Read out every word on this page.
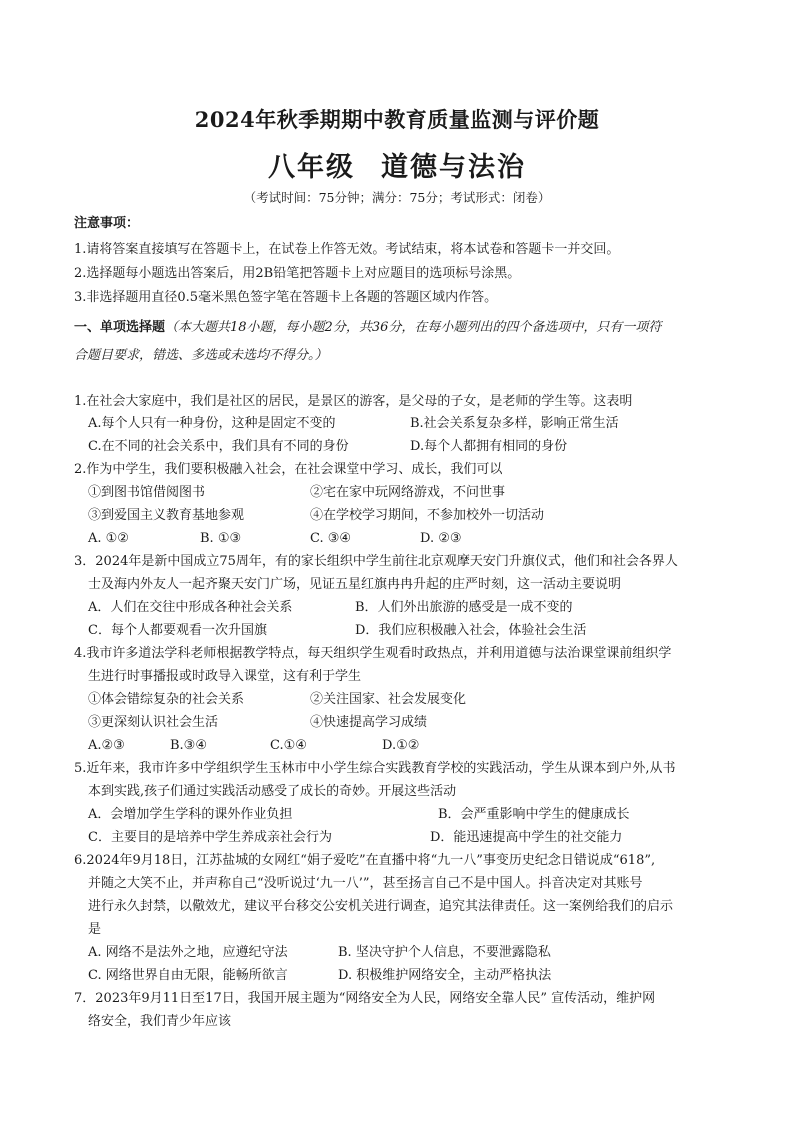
2024年秋季期期中教育质量监测与评价题
八年级 道德与法治
（考试时间：75分钟；满分：75分；考试形式：闭卷）
注意事项：
1.请将答案直接填写在答题卡上，在试卷上作答无效。考试结束，将本试卷和答题卡一并交回。
2.选择题每小题选出答案后，用2B铅笔把答题卡上对应题目的选项标号涂黑。
3.非选择题用直径0.5毫米黑色签字笔在答题卡上各题的答题区域内作答。
一、单项选择题（本大题共18小题，每小题2分，共36分，在每小题列出的四个备选项中，只有一项符
合题目要求，错选、多选或未选均不得分。）
1.在社会大家庭中，我们是社区的居民，是景区的游客，是父母的子女，是老师的学生等。这表明
A.每个人只有一种身份，这种是固定不变的	B.社会关系复杂多样，影响正常生活
C.在不同的社会关系中，我们具有不同的身份	D.每个人都拥有相同的身份
2.作为中学生，我们要积极融入社会，在社会课堂中学习、成长，我们可以
①到图书馆借阅图书	②宅在家中玩网络游戏，不问世事
③到爱国主义教育基地参观	④在学校学习期间，不参加校外一切活动
A. ①②	B. ①③	C. ③④	D. ②③
3．2024年是新中国成立75周年，有的家长组织中学生前往北京观摩天安门升旗仪式，他们和社会各界人
士及海内外友人一起齐聚天安门广场，见证五星红旗冉冉升起的庄严时刻，这一活动主要说明
A．人们在交往中形成各种社会关系	B．人们外出旅游的感受是一成不变的
C．每个人都要观看一次升国旗	D．我们应积极融入社会，体验社会生活
4.我市许多道法学科老师根据教学特点，每天组织学生观看时政热点，并利用道德与法治课堂课前组织学
生进行时事播报或时政导入课堂，这有利于学生
①体会错综复杂的社会关系	②关注国家、社会发展变化
③更深刻认识社会生活	④快速提高学习成绩
A.②③	B.③④	C.①④	D.①②
5.近年来，我市许多中学组织学生玉林市中小学生综合实践教育学校的实践活动，学生从课本到户外,从书
本到实践,孩子们通过实践活动感受了成长的奇妙。开展这些活动
A．会增加学生学科的课外作业负担	B．会严重影响中学生的健康成长
C．主要目的是培养中学生养成亲社会行为	D．能迅速提高中学生的社交能力
6.2024年9月18日，江苏盐城的女网红“娟子爱吃”在直播中将“九一八”事变历史纪念日错说成“618”,
并随之大笑不止，并声称自己“没听说过‘九一八’”，甚至扬言自己不是中国人。抖音决定对其账号
进行永久封禁，以儆效尤，建议平台移交公安机关进行调查，追究其法律责任。这一案例给我们的启示
是
A. 网络不是法外之地，应遵纪守法	B. 坚决守护个人信息，不要泄露隐私
C. 网络世界自由无限，能畅所欲言	D. 积极维护网络安全，主动严格执法
7．2023年9月11日至17日，我国开展主题为“网络安全为人民，网络安全靠人民” 宣传活动，维护网
络安全，我们青少年应该
